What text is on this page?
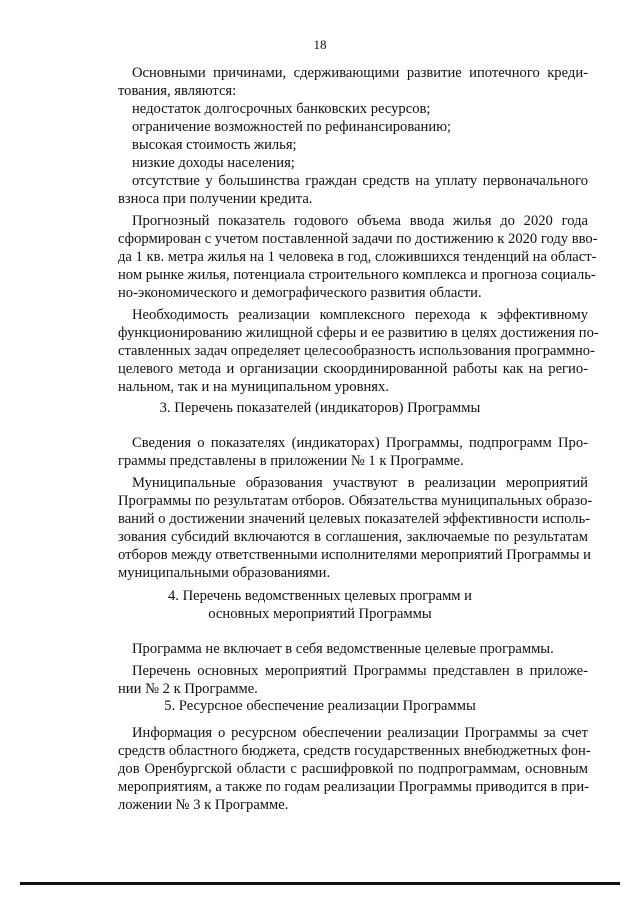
18
Основными причинами, сдерживающими развитие ипотечного креди-
тования, являются:
недостаток долгосрочных банковских ресурсов;
ограничение возможностей по рефинансированию;
высокая стоимость жилья;
низкие доходы населения;
отсутствие у большинства граждан средств на уплату первоначального
взноса при получении кредита.
Прогнозный показатель годового объема ввода жилья до 2020 года
сформирован с учетом поставленной задачи по достижению к 2020 году вво-
да 1 кв. метра жилья на 1 человека в год, сложившихся тенденций на област-
ном рынке жилья, потенциала строительного комплекса и прогноза социаль-
но-экономического и демографического развития области.
Необходимость реализации комплексного перехода к эффективному
функционированию жилищной сферы и ее развитию в целях достижения по-
ставленных задач определяет целесообразность использования программно-
целевого метода и организации скоординированной работы как на регио-
нальном, так и на муниципальном уровнях.
3. Перечень показателей (индикаторов) Программы
Сведения о показателях (индикаторах) Программы, подпрограмм Про-
граммы представлены в приложении № 1 к Программе.
Муниципальные образования участвуют в реализации мероприятий
Программы по результатам отборов. Обязательства муниципальных образо-
ваний о достижении значений целевых показателей эффективности исполь-
зования субсидий включаются в соглашения, заключаемые по результатам
отборов между ответственными исполнителями мероприятий Программы и
муниципальными образованиями.
4. Перечень ведомственных целевых программ и
основных мероприятий Программы
Программа не включает в себя ведомственные целевые программы.
Перечень основных мероприятий Программы представлен в приложе-
нии № 2 к Программе.
5. Ресурсное обеспечение реализации Программы
Информация о ресурсном обеспечении реализации Программы за счет
средств областного бюджета, средств государственных внебюджетных фон-
дов Оренбургской области с расшифровкой по подпрограммам, основным
мероприятиям, а также по годам реализации Программы приводится в при-
ложении № 3 к Программе.
